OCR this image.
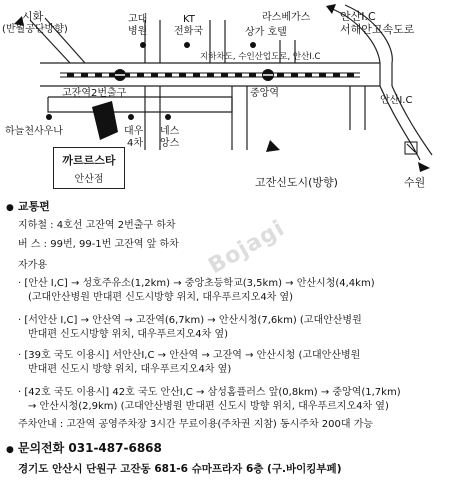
시화
(반월공단방향)
고대
병원
KT
전화국
라스베가스
상가 호텔
안산I.C
서해안고속도로
지하차도, 수인산업도로, 안산I.C
고잔역2번출구	중앙역
안산I.C
하늘천사우나	대우
4차
네스
앙스
고잔신도시(방향)	수원
까르르스타
안산점
Bojagi
● 교통편
지하철 : 4호선 고잔역 2번출구 하차
버 스 : 99번, 99-1번 고잔역 앞 하차
자가용
· [안산 I,C] → 성호주유소(1,2km) → 중앙초등학교(3,5km) → 안산시청(4,4km)
(고대안산병원 반대편 신도시방향 위치, 대우푸르지오4차 옆)
· [서안산 I,C] → 안산역 → 고잔역(6,7km) → 안산시청(7,6km) (고대안산병원
반대편 신도시방향 위치, 대우푸르지오4차 옆)
· [39호 국도 이용시] 서안산I,C → 안산역 → 고잔역 → 안산시청 (고대안산병원
반대편 신도시 방향 위치, 대우푸르지오4차 옆)
· [42호 국도 이용시] 42호 국도 안산I,C → 삼성홈플러스 앞(0,8km) → 중앙역(1,7km)
→ 안산시청(2,9km) (고대안산병원 반대편 신도시 방향 위치, 대우푸르지오4차 옆)
주차안내 : 고잔역 공영주차장 3시간 무료이용(주차권 지참) 동시주차 200대 가능
● 문의전화 031-487-6868
경기도 안산시 단원구 고잔동 681-6 슈마프라자 6층 (구.바이킹부페)
